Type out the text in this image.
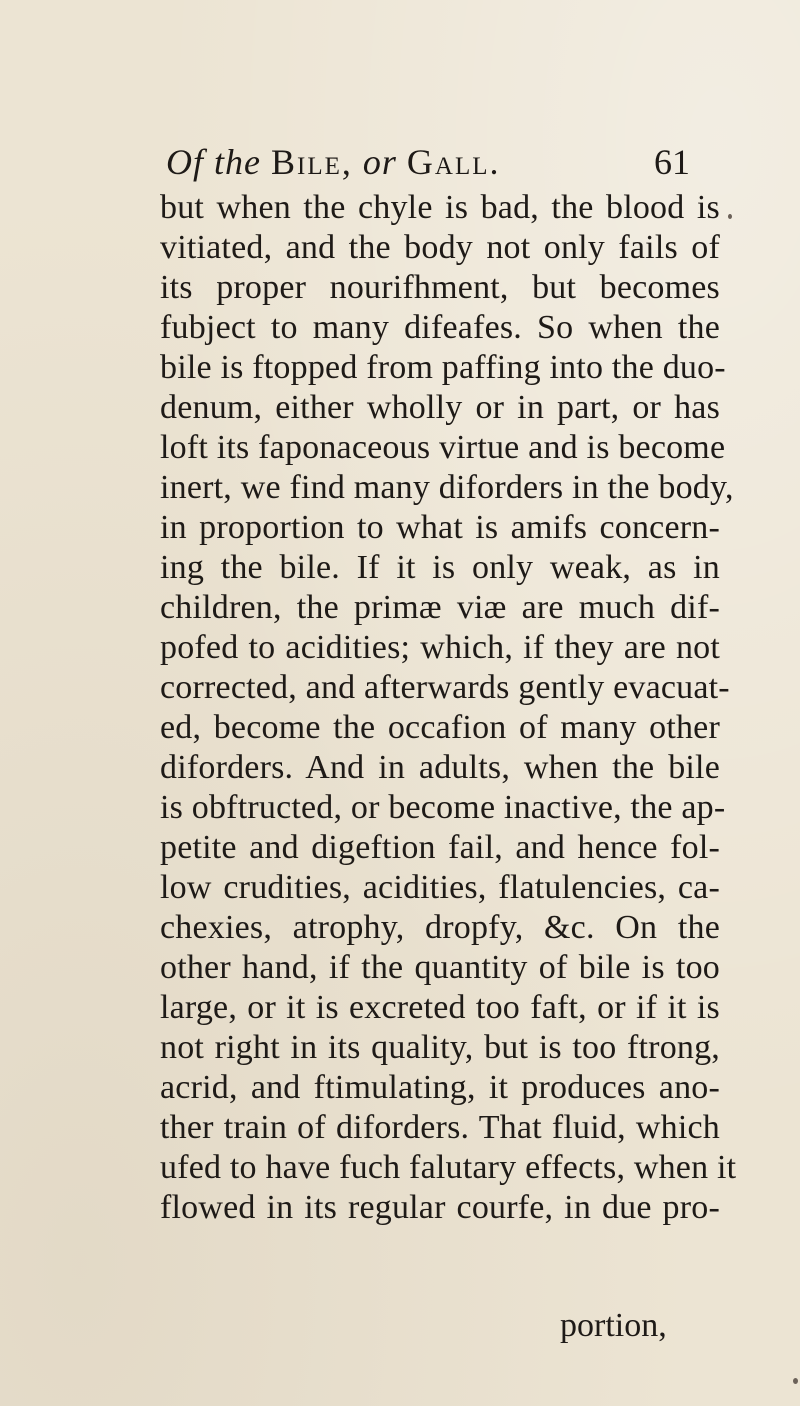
Of the Bile, or Gall.	61
but when the chyle is bad, the blood is
vitiated, and the body not only fails of
its proper nourifhment, but becomes
fubject to many difeafes. So when the
bile is ftopped from paffing into the duo-
denum, either wholly or in part, or has
loft its faponaceous virtue and is become
inert, we find many diforders in the body,
in proportion to what is amifs concern-
ing the bile. If it is only weak, as in
children, the primæ viæ are much dif-
pofed to acidities; which, if they are not
corrected, and afterwards gently evacuat-
ed, become the occafion of many other
diforders. And in adults, when the bile
is obftructed, or become inactive, the ap-
petite and digeftion fail, and hence fol-
low crudities, acidities, flatulencies, ca-
chexies, atrophy, dropfy, &c. On the
other hand, if the quantity of bile is too
large, or it is excreted too faft, or if it is
not right in its quality, but is too ftrong,
acrid, and ftimulating, it produces ano-
ther train of diforders. That fluid, which
ufed to have fuch falutary effects, when it
flowed in its regular courfe, in due pro-
portion,
